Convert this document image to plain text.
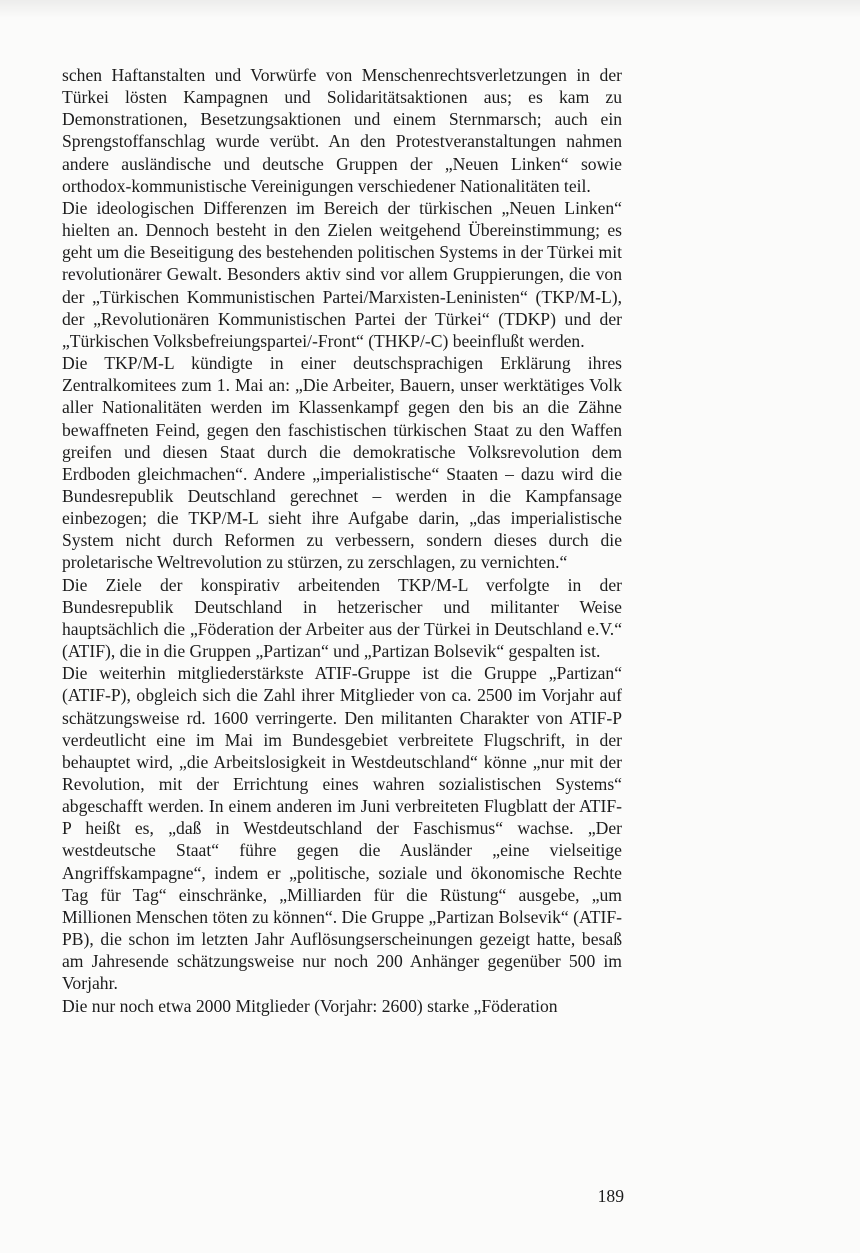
schen Haftanstalten und Vorwürfe von Menschenrechtsverletzungen in der Türkei lösten Kampagnen und Solidaritätsaktionen aus; es kam zu Demonstrationen, Besetzungsaktionen und einem Sternmarsch; auch ein Sprengstoffanschlag wurde verübt. An den Protestveranstaltungen nahmen andere ausländische und deutsche Gruppen der „Neuen Linken“ sowie orthodox-kommunistische Vereinigungen verschiedener Nationalitäten teil.

Die ideologischen Differenzen im Bereich der türkischen „Neuen Linken“ hielten an. Dennoch besteht in den Zielen weitgehend Übereinstimmung; es geht um die Beseitigung des bestehenden politischen Systems in der Türkei mit revolutionärer Gewalt. Besonders aktiv sind vor allem Gruppierungen, die von der „Türkischen Kommunistischen Partei/Marxisten-Leninisten“ (TKP/M-L), der „Revolutionären Kommunistischen Partei der Türkei“ (TDKP) und der „Türkischen Volksbefreiungspartei/-Front“ (THKP/-C) beeinflußt werden.

Die TKP/M-L kündigte in einer deutschsprachigen Erklärung ihres Zentralkomitees zum 1. Mai an: „Die Arbeiter, Bauern, unser werktätiges Volk aller Nationalitäten werden im Klassenkampf gegen den bis an die Zähne bewaffneten Feind, gegen den faschistischen türkischen Staat zu den Waffen greifen und diesen Staat durch die demokratische Volksrevolution dem Erdboden gleichmachen“. Andere „imperialistische“ Staaten – dazu wird die Bundesrepublik Deutschland gerechnet – werden in die Kampfansage einbezogen; die TKP/M-L sieht ihre Aufgabe darin, „das imperialistische System nicht durch Reformen zu verbessern, sondern dieses durch die proletarische Weltrevolution zu stürzen, zu zerschlagen, zu vernichten.“

Die Ziele der konspirativ arbeitenden TKP/M-L verfolgte in der Bundesrepublik Deutschland in hetzerischer und militanter Weise hauptsächlich die „Föderation der Arbeiter aus der Türkei in Deutschland e.V.“ (ATIF), die in die Gruppen „Partizan“ und „Partizan Bolsevik“ gespalten ist.

Die weiterhin mitgliederstärkste ATIF-Gruppe ist die Gruppe „Partizan“ (ATIF-P), obgleich sich die Zahl ihrer Mitglieder von ca. 2500 im Vorjahr auf schätzungsweise rd. 1600 verringerte. Den militanten Charakter von ATIF-P verdeutlicht eine im Mai im Bundesgebiet verbreitete Flugschrift, in der behauptet wird, „die Arbeitslosigkeit in Westdeutschland“ könne „nur mit der Revolution, mit der Errichtung eines wahren sozialistischen Systems“ abgeschafft werden. In einem anderen im Juni verbreiteten Flugblatt der ATIF-P heißt es, „daß in Westdeutschland der Faschismus“ wachse. „Der westdeutsche Staat“ führe gegen die Ausländer „eine vielseitige Angriffskampagne“, indem er „politische, soziale und ökonomische Rechte Tag für Tag“ einschränke, „Milliarden für die Rüstung“ ausgebe, „um Millionen Menschen töten zu können“. Die Gruppe „Partizan Bolsevik“ (ATIF-PB), die schon im letzten Jahr Auflösungserscheinungen gezeigt hatte, besaß am Jahresende schätzungsweise nur noch 200 Anhänger gegenüber 500 im Vorjahr.

Die nur noch etwa 2000 Mitglieder (Vorjahr: 2600) starke „Föderation

189
